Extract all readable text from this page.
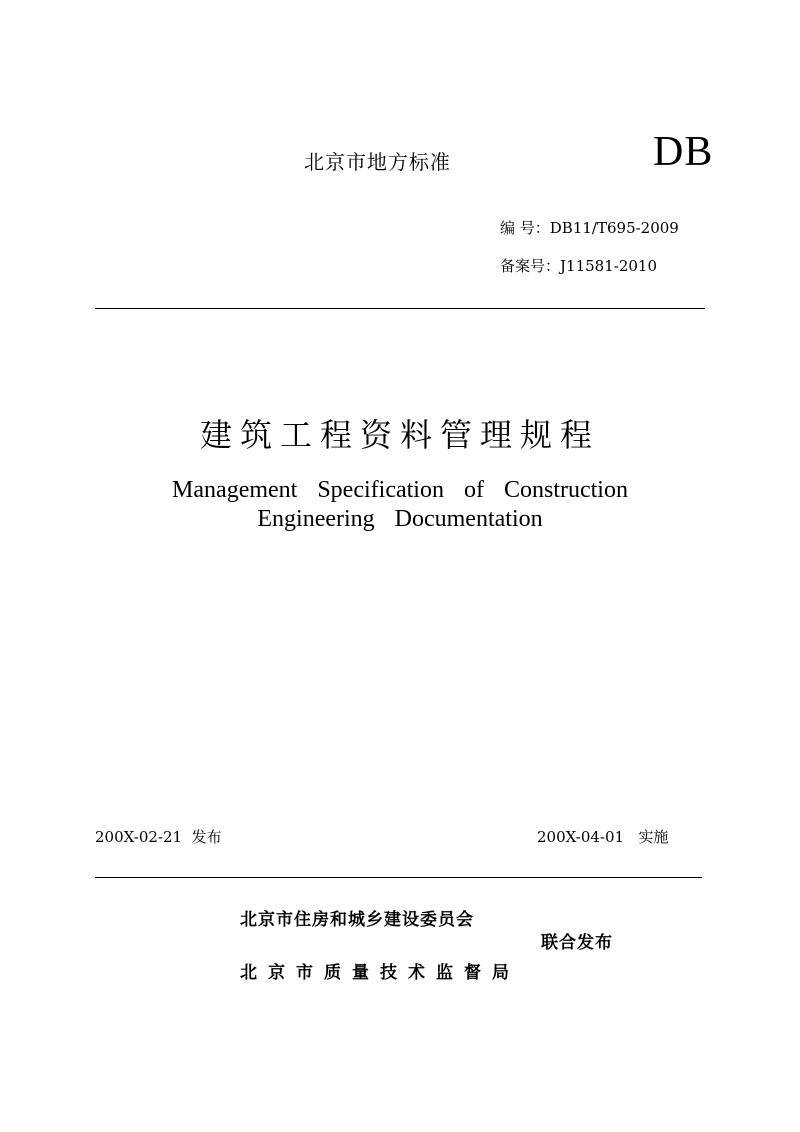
北京市地方标准	DB
编 号：DB11/T695-2009
备案号：J11581-2010
建筑工程资料管理规程
Management Specification of Construction
Engineering Documentation
200X-02-21 发布	200X-04-01 实施
北京市住房和城乡建设委员会
联合发布
北京市质量技术监督局
